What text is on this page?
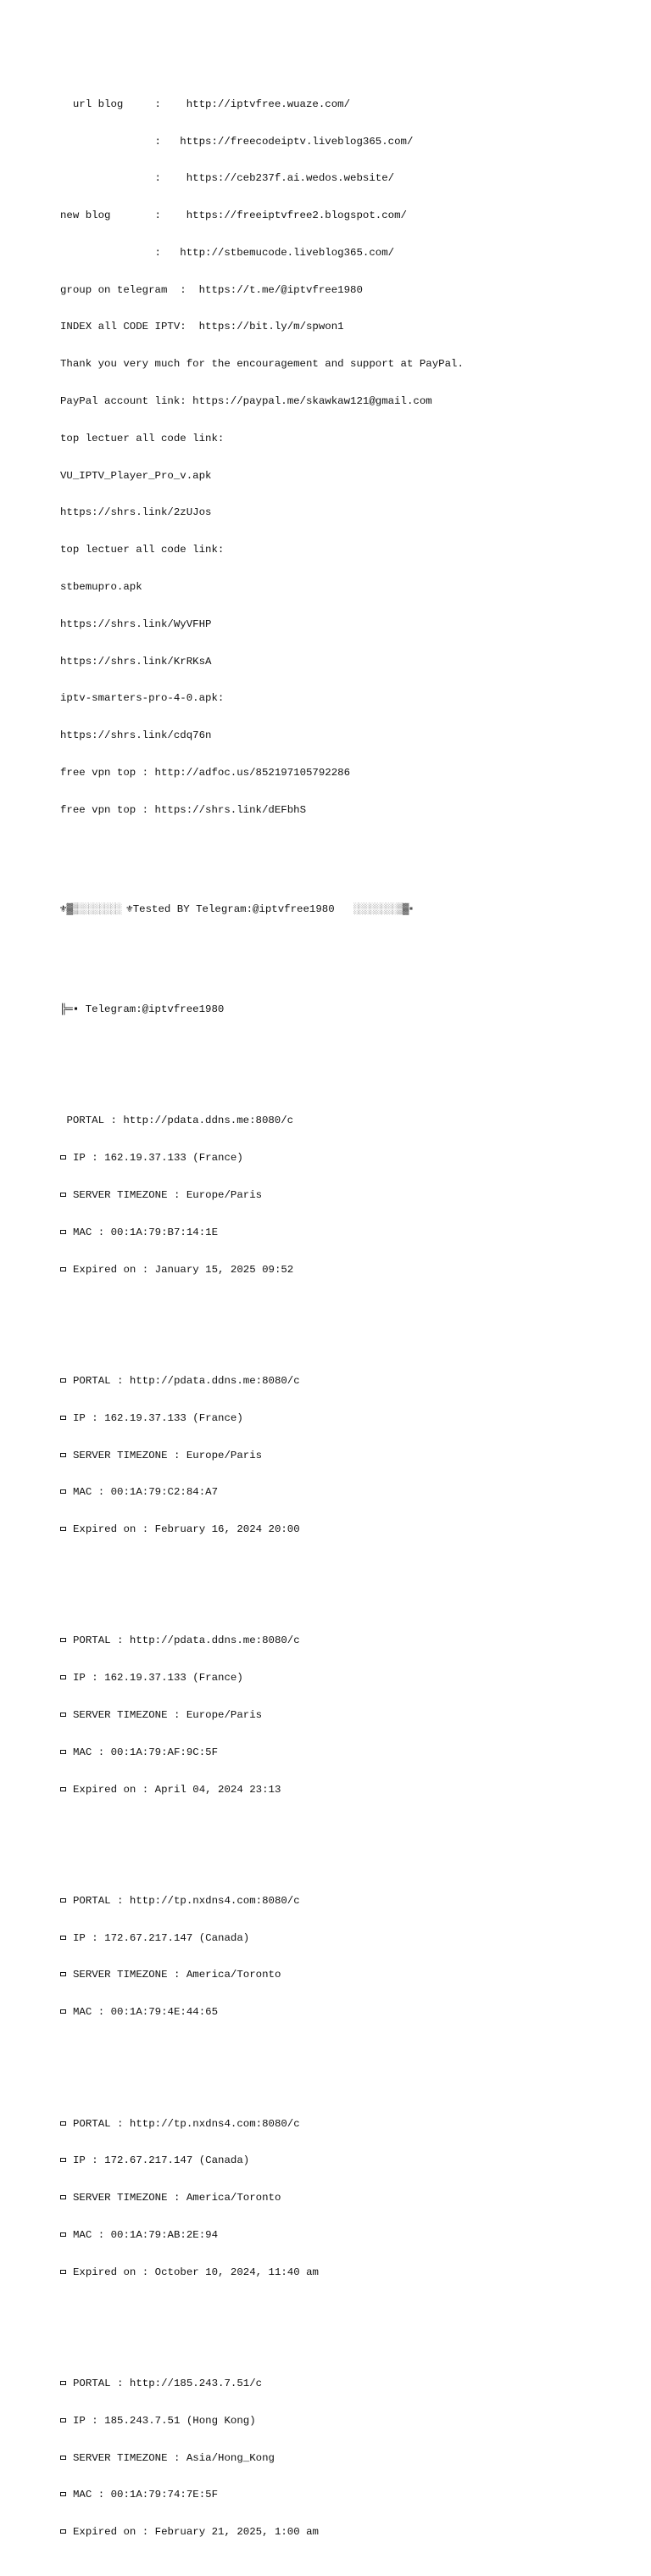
url blog     :    http://iptvfree.wuaze.com/

:   https://freecodeiptv.liveblog365.com/

:    https://ceb237f.ai.wedos.website/

new blog       :    https://freeiptvfree2.blogspot.com/

:   http://stbemucode.liveblog365.com/

group on telegram  :  https://t.me/@iptvfree1980

INDEX all CODE IPTV:  https://bit.ly/m/spwon1

Thank you very much for the encouragement and support at PayPal.

PayPal account link: https://paypal.me/skawkaw121@gmail.com

top lectuer all code link:

VU_IPTV_Player_Pro_v.apk

https://shrs.link/2zUJos

top lectuer all code link:

stbemupro.apk

https://shrs.link/WyVFHP

https://shrs.link/KrRKsA

iptv-smarters-pro-4-0.apk:

https://shrs.link/cdq76n

free vpn top : http://adfoc.us/852197105792286

free vpn top : https://shrs.link/dEFbhS

⚜▓▒░░░░░░░░ ⚜Tested BY Telegram:@iptvfree1980 ░░░░░░░░▒▓▪

╠═▪ Telegram:@iptvfree1980

PORTAL : http://pdata.ddns.me:8080/c

IP : 162.19.37.133 (France)

SERVER TIMEZONE : Europe/Paris

MAC : 00:1A:79:B7:14:1E

Expired on : January 15, 2025 09:52

PORTAL : http://pdata.ddns.me:8080/c

IP : 162.19.37.133 (France)

SERVER TIMEZONE : Europe/Paris

MAC : 00:1A:79:C2:84:A7

Expired on : February 16, 2024 20:00

PORTAL : http://pdata.ddns.me:8080/c

IP : 162.19.37.133 (France)

SERVER TIMEZONE : Europe/Paris

MAC : 00:1A:79:AF:9C:5F

Expired on : April 04, 2024 23:13

PORTAL : http://tp.nxdns4.com:8080/c

IP : 172.67.217.147 (Canada)

SERVER TIMEZONE : America/Toronto

MAC : 00:1A:79:4E:44:65

PORTAL : http://tp.nxdns4.com:8080/c

IP : 172.67.217.147 (Canada)

SERVER TIMEZONE : America/Toronto

MAC : 00:1A:79:AB:2E:94

Expired on : October 10, 2024, 11:40 am

PORTAL : http://185.243.7.51/c

IP : 185.243.7.51 (Hong Kong)

SERVER TIMEZONE : Asia/Hong_Kong

MAC : 00:1A:79:74:7E:5F

Expired on : February 21, 2025, 1:00 am
